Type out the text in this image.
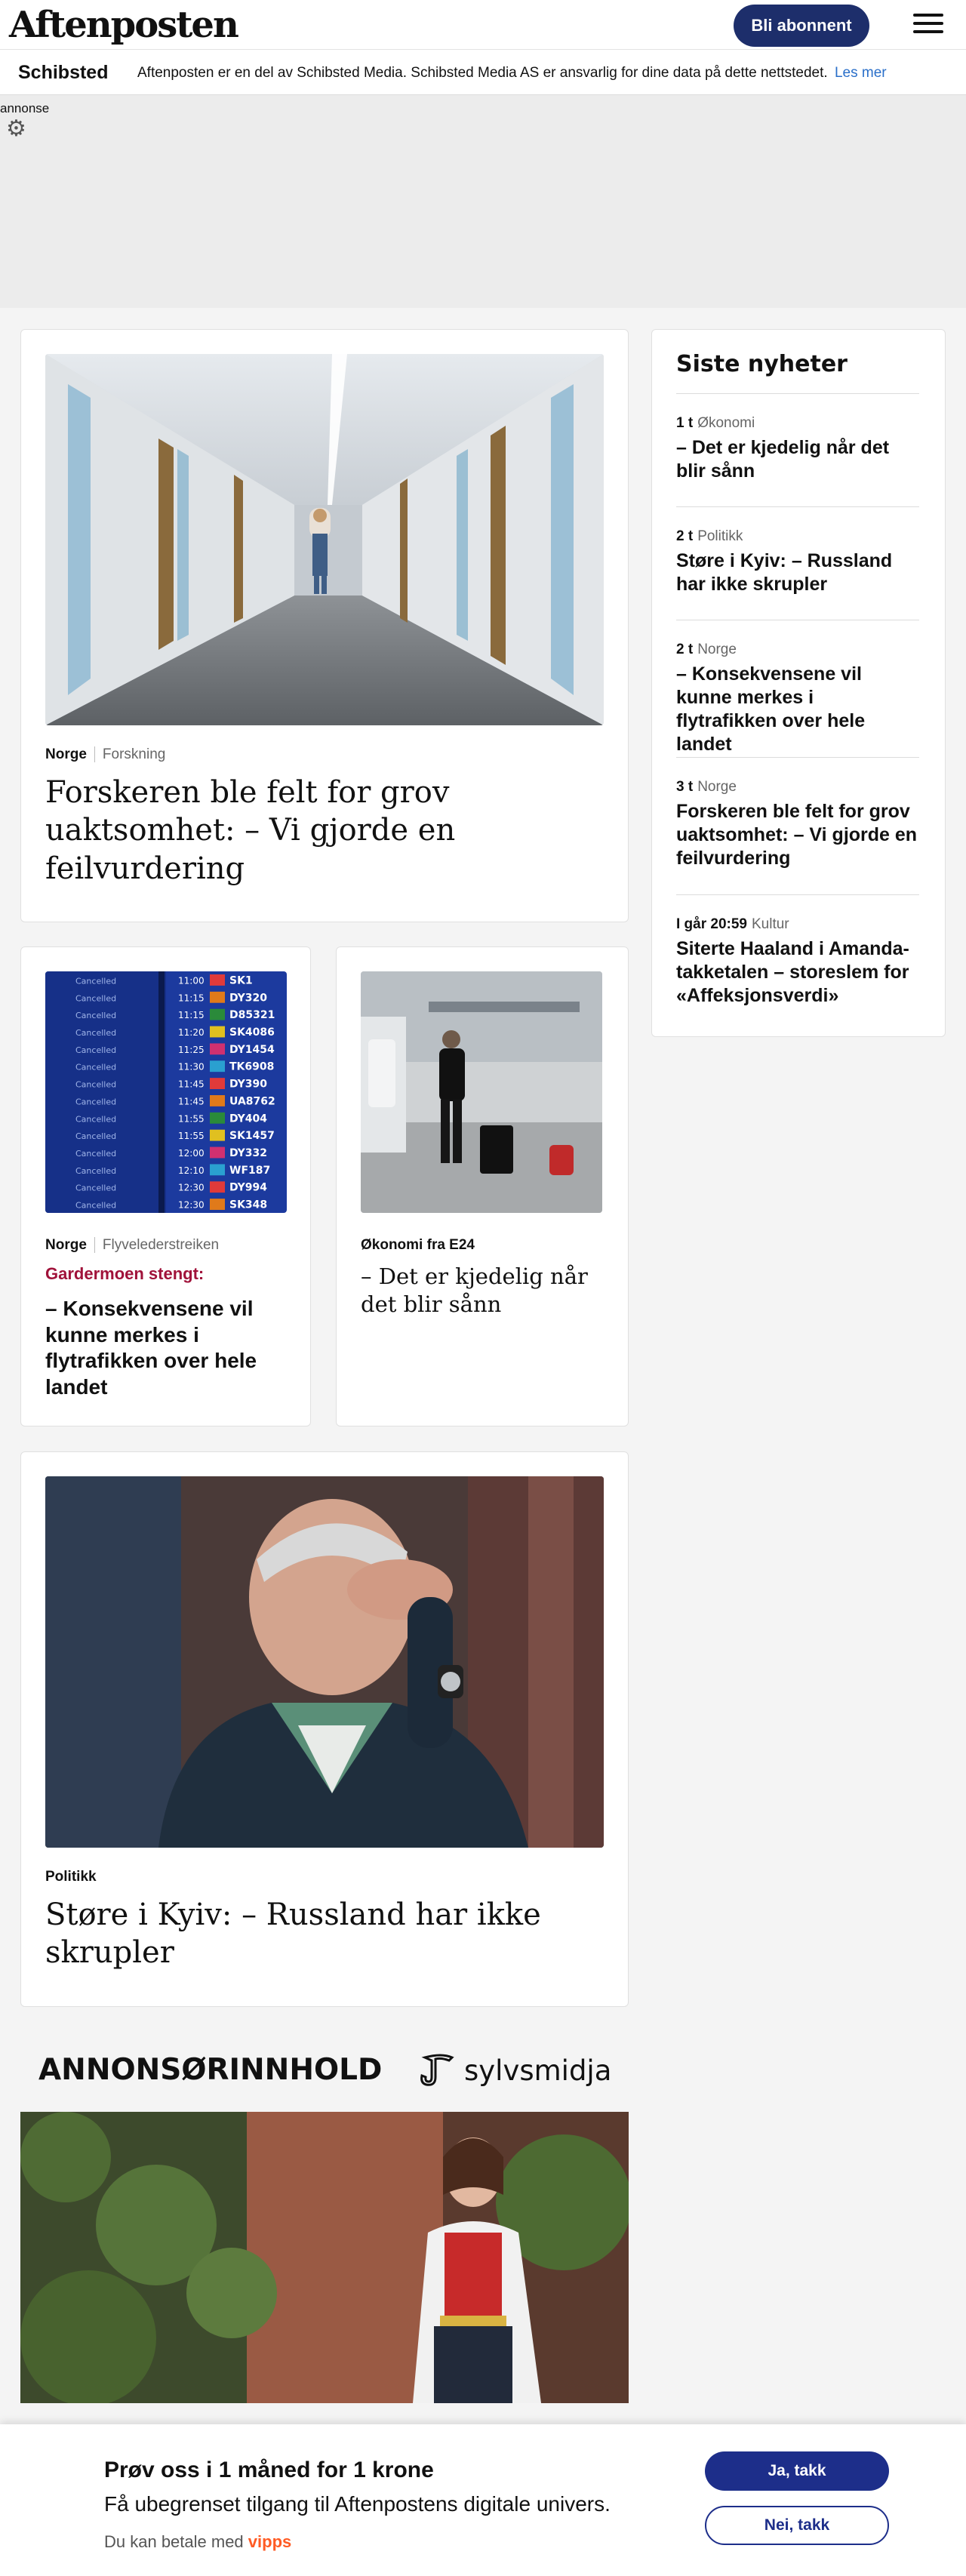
Aftenposten	Bli abonnent
Schibsted Aftenposten er en del av Schibsted Media. Schibsted Media AS er ansvarlig for dine data på dette nettstedet. Les mer
annonse
⚙
Norge Forskning
Forskeren ble felt for grov uaktsomhet: – Vi gjorde en feilvurdering
Cancelled	11:00 SK1
Cancelled	11:15 DY320
Cancelled	11:15 D85321
Cancelled	11:20 SK4086
Cancelled	11:25 DY1454
Cancelled	11:30 TK6908
Cancelled	11:45 DY390
Cancelled	11:45 UA8762
Cancelled	11:55 DY404
Cancelled	11:55 SK1457
Cancelled	12:00 DY332
Cancelled	12:10 WF187
Cancelled	12:30 DY994
Cancelled	12:30 SK348
Norge Flyvelederstreiken
Gardermoen stengt:
– Konsekvensene vil kunne merkes i flytrafikken over hele landet
Økonomi fra E24
– Det er kjedelig når det blir sånn
Politikk
Støre i Kyiv: – Russland har ikke skrupler
Siste nyheter
1 t Økonomi
– Det er kjedelig når det blir sånn
2 t Politikk
Støre i Kyiv: – Russland har ikke skrupler
2 t Norge
– Konsekvensene vil kunne merkes i flytrafikken over hele landet
3 t Norge
Forskeren ble felt for grov uaktsomhet: – Vi gjorde en feilvurdering
I går 20:59 Kultur
Siterte Haaland i Amanda-takketalen – storeslem for «Affeksjonsverdi»
ANNONSØRINNHOLD	sylvsmidja
Prøv oss i 1 måned for 1 krone
Få ubegrenset tilgang til Aftenpostens digitale univers.
Du kan betale med vipps
Ja, takk
Nei, takk
